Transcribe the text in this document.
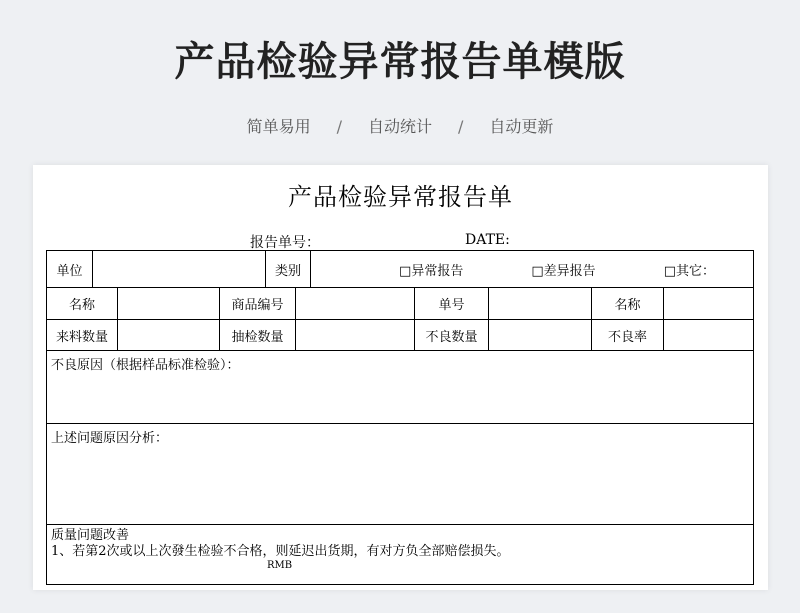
产品检验异常报告单模版
简单易用 / 自动统计 / 自动更新
产品检验异常报告单
报告单号：	DATE:
单位				类别		□异常报告 □差异报告 □其它：				

名称			商品编号				单号		名称	
来料数量			抽检数量				不良数量		不良率	
不良原因（根据样品标准检验）：										
上述问题原因分析：										

质量问题改善
1、若第2次或以上次發生检验不合格，则延迟出货期，有对方负全部赔偿损失。
RMB										
